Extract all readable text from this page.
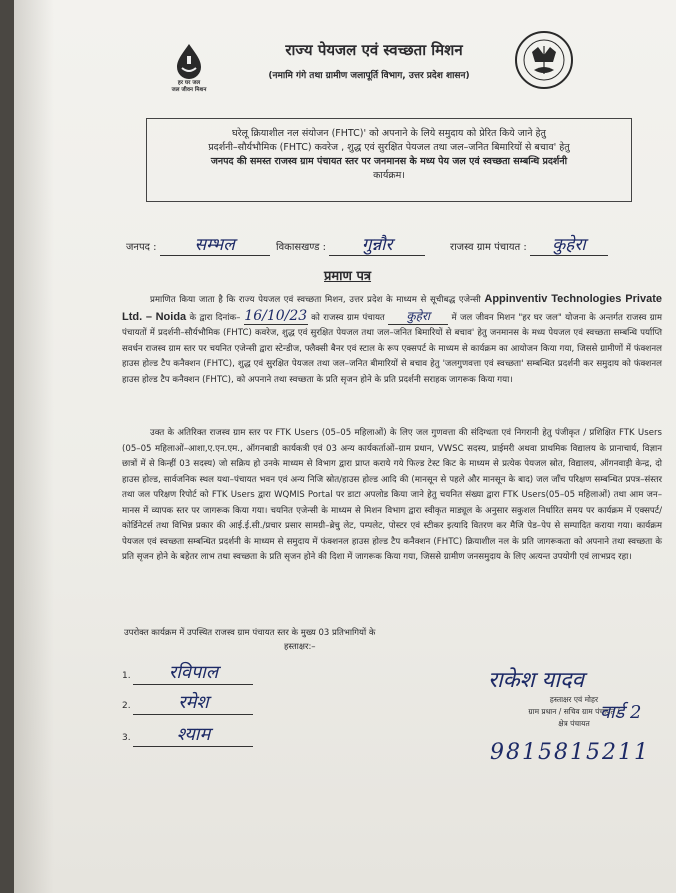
हर घर जल
जल जीवन मिशन
राज्य पेयजल एवं स्वच्छता मिशन
(नमामि गंगे तथा ग्रामीण जलापूर्ति विभाग, उत्तर प्रदेश शासन)
घरेलू क्रियाशील नल संयोजन (FHTC)' को अपनाने के लिये समुदाय को प्रेरित किये जाने हेतु
प्रदर्शनी–सौर्यभौमिक (FHTC) कवरेज , शुद्ध एवं सुरक्षित पेयजल तथा जल–जनित बिमारियों से बचाव' हेतु
जनपद की समस्त राजस्व ग्राम पंचायत स्तर पर जनमानस के मध्य पेय जल एवं स्वच्छता सम्बन्धि प्रदर्शनी
कार्यक्रम।
जनपद : सम्भल	विकासखण्ड : गुन्नौर	राजस्व ग्राम पंचायत : कुहेरा
प्रमाण पत्र
प्रमाणित किया जाता है कि राज्य पेयजल एवं स्वच्छता मिशन, उत्तर प्रदेश के माध्यम से सूचीबद्ध एजेन्सी Appinventiv Technologies Private Ltd. – Noida के द्वारा दिनांक– 16/10/23 को राजस्व ग्राम पंचायत कुहेरा	में जल जीवन मिशन "हर घर जल" योजना के अन्तर्गत राजस्व ग्राम पंचायतों में प्रदर्शनी–सौर्यभौमिक (FHTC) कवरेज, शुद्ध एवं सुरक्षित पेयजल तथा जल–जनित बिमारियों से बचाव' हेतु जनमानस के मध्य पेयजल एवं स्वच्छता सम्बन्धि पर्याप्ति सवर्धन राजस्व ग्राम स्तर पर चयनित एजेन्सी द्वारा स्टेन्डीज, फ्लैक्सी बैनर एवं स्टाल के रूप एक्सपर्ट के माध्यम से कार्यक्रम का आयोजन किया गया, जिससे ग्रामीणों में फंक्शनल हाउस होल्ड टैप कनैक्शन (FHTC), शुद्ध एवं सुरक्षित पेयजल तथा जल–जनित बीमारियों से बचाव हेतु 'जलगुणवत्ता एवं स्वच्छता' सम्बन्धित प्रदर्शनी कर समुदाय को फंक्शनल हाउस होल्ड टैप कनैक्शन (FHTC), को अपनाने तथा स्वच्छता के प्रति सृजन होने के प्रति प्रदर्शनी सराहक जागरूक किया गया।
उक्त के अतिरिक्त राजस्व ग्राम स्तर पर FTK Users (05–05 महिलाओं) के लिए जल गुणवत्ता की संदिग्धता एवं निगरानी हेतु पंजीकृत / प्रशिक्षित FTK Users (05–05 महिलाओं–आशा,ए.एन.एम., ऑगनबाडी कार्यकत्री एवं 03 अन्य कार्यकर्ताओं–ग्राम प्रधान, VWSC सदस्य, प्राईमरी अथवा प्राथमिक विद्यालय के प्रानाचार्य, विज्ञान छात्रों में से किन्हीं 03 सदस्य) जो सक्रिय हो उनके माध्यम से विभाग द्वारा प्राप्त कराये गये फिल्ड टेस्ट किट के माध्यम से प्रत्येक पेयजल स्रोत, विद्यालय, ऑगनवाड़ी केन्द्र, दो हाउस होल्ड, सार्वजनिक स्थल यथा–पंचायत भवन एवं अन्य निजि स्रोत/हाउस होल्ड आदि की (मानसून से पहले और मानसून के बाद) जल जाँच परिक्षण सम्बन्धित प्रपत्र–संस्तर तथा जल परिक्षण रिपोर्ट को FTK Users द्वारा WQMIS Portal पर डाटा अपलोड किया जाने हेतु चयनित संख्या द्वारा FTK Users(05–05 महिलाओं) तथा आम जन–मानस में व्यापक स्तर पर जागरूक किया गया। चयनित एजेन्सी के माध्यम से मिशन विभाग द्वारा स्वीकृत माड्यूल के अनुसार सकुशल निर्धारित समय पर कार्यक्रम में एक्सपर्ट/कोर्डिनेटर्स तथा विभिन्न प्रकार की आई.ई.सी./प्रचार प्रसार सामग्री–ब्रेचु लेट, पम्पलेट, पोस्टर एवं स्टीकर इत्यादि वितरण कर मैजि पेड–पेप से सम्पादित कराया गया। कार्यक्रम पेयजल एवं स्वच्छता सम्बन्धित प्रदर्शनी के माध्यम से समुदाय में फंक्शनल हाउस होल्ड टैप कनैक्शन (FHTC) क्रियाशील नल के प्रति जागरूकता को अपनाने तथा स्वच्छता के प्रति सृजन होने के बहेतर लाभ तथा स्वच्छता के प्रति सृजन होने की दिशा में जागरूक किया गया, जिससे ग्रामीण जनसमुदाय के लिए अत्यन्त उपयोगी एवं लाभप्रद रहा।
उपरोक्त कार्यक्रम में उपस्थित राजस्व ग्राम पंचायत स्तर के मुख्य 03 प्रतिभागियों के
हस्ताक्षर:–
1. रविपाल
2.	रमेश
3.	श्याम
राकेश यादव
हस्ताक्षर एवं मोहर
ग्राम प्रधान / सचिव ग्राम पंचायत /
क्षेत्र पंचायत
वार्ड 2
9815815211
